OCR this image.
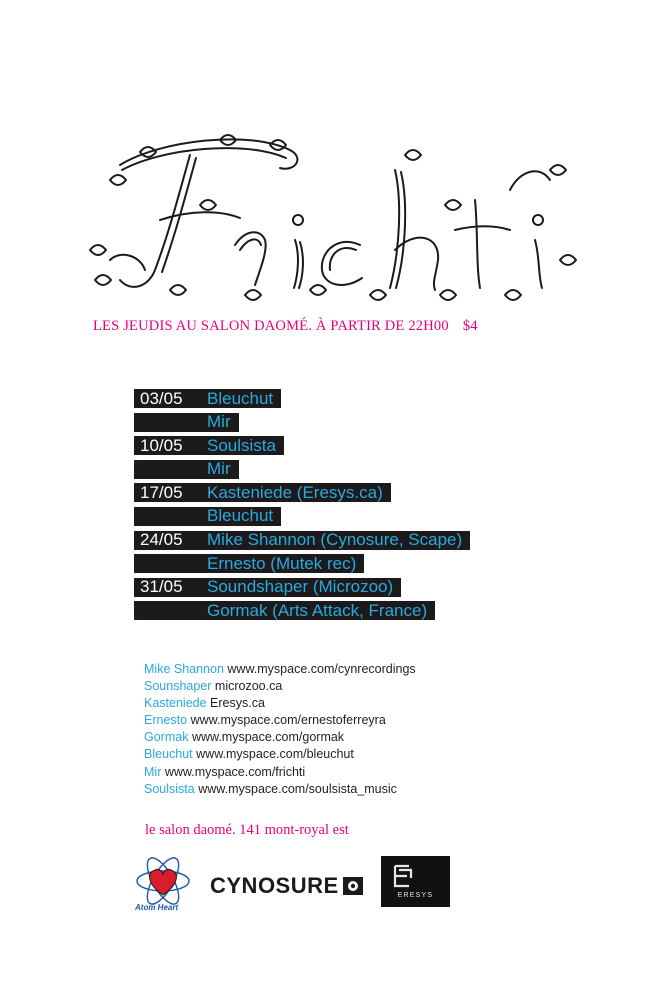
LES JEUDIS AU SALON DAOMÉ. À PARTIR DE 22H00 $4
03/05	Bleuchut
Mir
10/05	Soulsista
Mir
17/05	Kasteniede (Eresys.ca)
Bleuchut
24/05	Mike Shannon (Cynosure, Scape)
Ernesto (Mutek rec)
31/05	Soundshaper (Microzoo)
Gormak (Arts Attack, France)
Mike Shannon www.myspace.com/cynrecordings
Sounshaper microzoo.ca
Kasteniede Eresys.ca
Ernesto www.myspace.com/ernestoferreyra
Gormak www.myspace.com/gormak
Bleuchut www.myspace.com/bleuchut
Mir www.myspace.com/frichti
Soulsista www.myspace.com/soulsista_music
le salon daomé. 141 mont-royal est
Atom Heart
CYNOSURE	ERESYS
